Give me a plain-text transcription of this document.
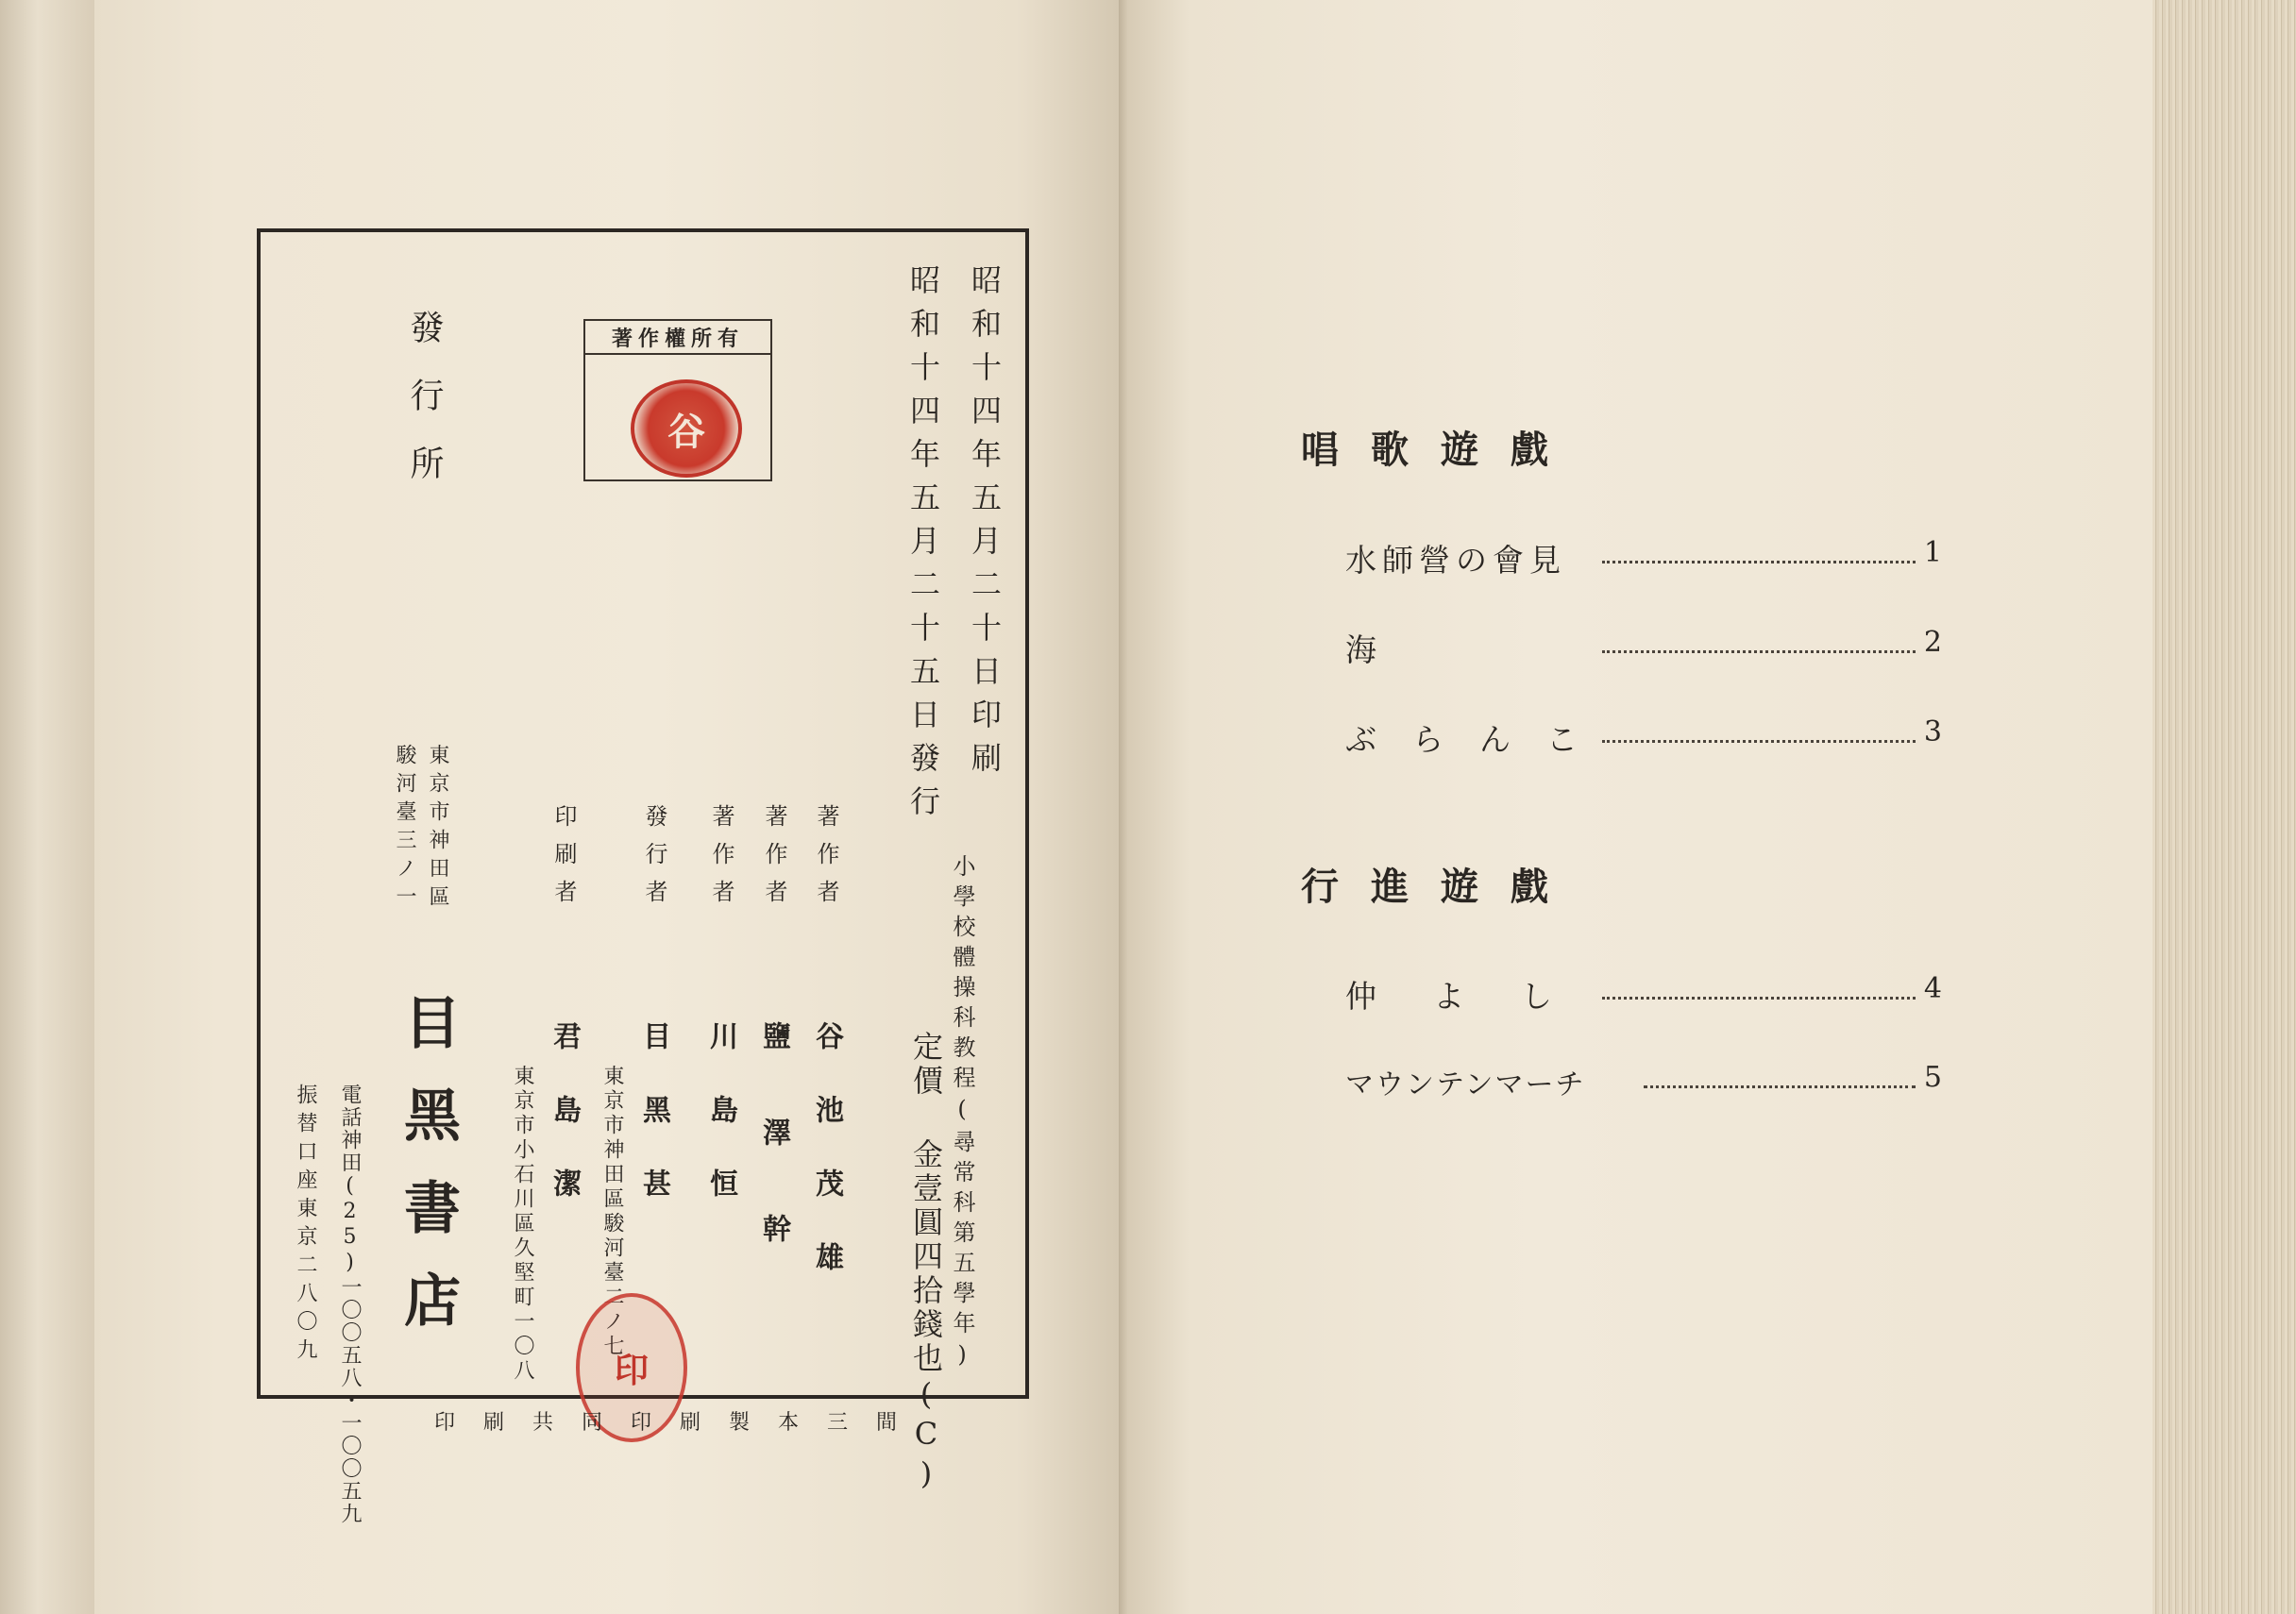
昭和十四年五月二十日印刷
昭和十四年五月二十五日發行
小學校體操科教程(尋常科第五學年)
定價 金壹圓四拾錢也(C)
著作權所有
谷
發行所
著作者
谷池茂雄
著作者
鹽澤幹
著作者
川島恒
發行者
目黑甚
印刷者
君島潔 東京市神田區駿河臺二ノ七
東京市小石川區久堅町一〇八
東京市神田區
駿河臺三ノ一
目黑書店
電話神田(25)一〇〇五八・一〇〇五九
振替口座東京二八〇九
印
印刷共同印刷製本三間
唱歌遊戲
水師營の會見	1
海	2
ぶらんこ	3
行進遊戲
仲よし	4
マウンテンマーチ	5
